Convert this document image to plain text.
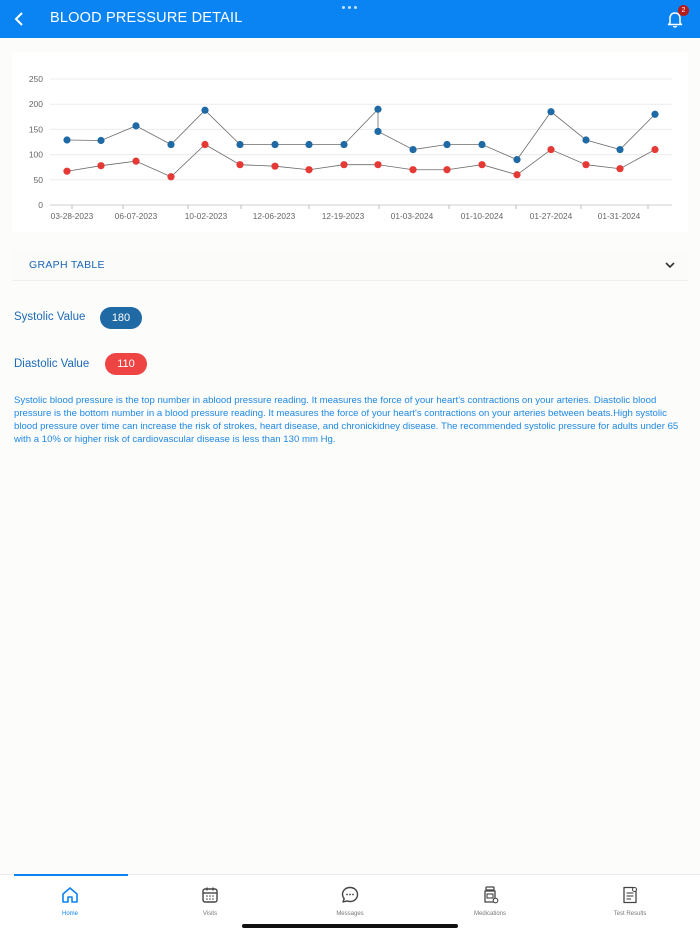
BLOOD PRESSURE DETAIL	2
0
50
100
150
200
250
03-28-2023	06-07-2023	10-02-2023	12-06-2023	12-19-2023	01-03-2024	01-10-2024	01-27-2024	01-31-2024
GRAPH TABLE
Systolic Value	180
Diastolic Value	110
Systolic blood pressure is the top number in ablood pressure reading. It measures the force of your heart's contractions on your arteries. Diastolic blood pressure is the bottom number in a blood pressure reading. It measures the force of your heart's contractions on your arteries between beats.High systolic blood pressure over time can increase the risk of strokes, heart disease, and chronickidney disease. The recommended systolic pressure for adults under 65 with a 10% or higher risk of cardiovascular disease is less than 130 mm Hg.
Home	Visits	Messages	Medications	Test Results
